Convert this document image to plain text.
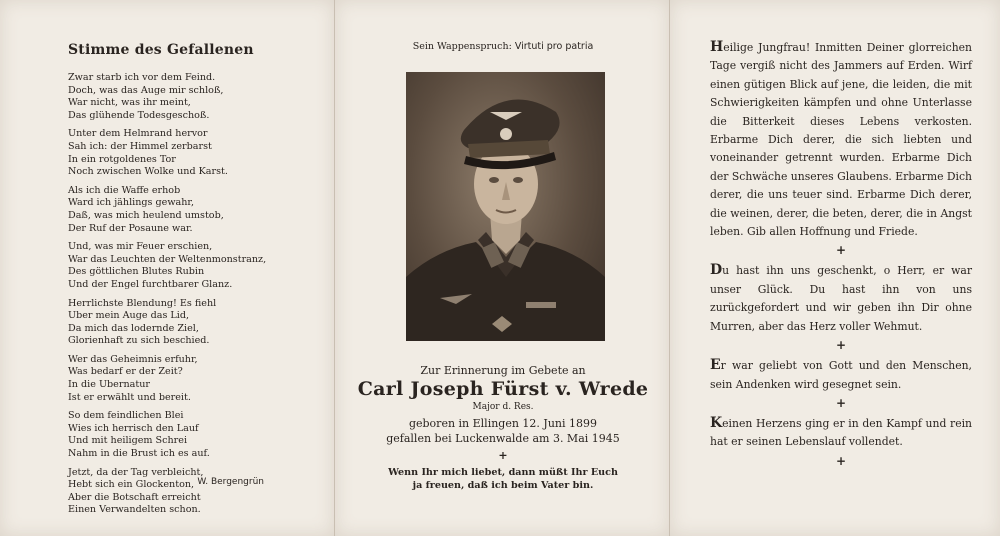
Stimme des Gefallenen
Zwar starb ich vor dem Feind.
Doch, was das Auge mir schloß,
War nicht, was ihr meint,
Das glühende Todesgeschoß.
Unter dem Helmrand hervor
Sah ich: der Himmel zerbarst
In ein rotgoldenes Tor
Noch zwischen Wolke und Karst.
Als ich die Waffe erhob
Ward ich jählings gewahr,
Daß, was mich heulend umstob,
Der Ruf der Posaune war.
Und, was mir Feuer erschien,
War das Leuchten der Weltenmonstranz,
Des göttlichen Blutes Rubin
Und der Engel furchtbarer Glanz.
Herrlichste Blendung! Es fiehl
Uber mein Auge das Lid,
Da mich das lodernde Ziel,
Glorienhaft zu sich beschied.
Wer das Geheimnis erfuhr,
Was bedarf er der Zeit?
In die Ubernatur
Ist er erwählt und bereit.
So dem feindlichen Blei
Wies ich herrisch den Lauf
Und mit heiligem Schrei
Nahm in die Brust ich es auf.
Jetzt, da der Tag verbleicht,
Hebt sich ein Glockenton,
Aber die Botschaft erreicht
Einen Verwandelten schon.
W. Bergengrün
Sein Wappenspruch: Virtuti pro patria
Zur Erinnerung im Gebete an
Carl Joseph Fürst v. Wrede
Major d. Res.
geboren in Ellingen 12. Juni 1899
gefallen bei Luckenwalde am 3. Mai 1945
+
Wenn Ihr mich liebet, dann müßt Ihr Euch
ja freuen, daß ich beim Vater bin.

Heilige Jungfrau! Inmitten Deiner glorreichen Tage vergiß nicht des Jammers auf Erden. Wirf einen gütigen Blick auf jene, die leiden, die mit Schwierigkeiten kämpfen und ohne Unterlasse die Bitterkeit dieses Lebens verkosten. Erbarme Dich derer, die sich liebten und voneinander getrennt wurden. Erbarme Dich der Schwäche unseres Glaubens. Erbarme Dich derer, die uns teuer sind. Erbarme Dich derer, die weinen, derer, die beten, derer, die in Angst leben. Gib allen Hoffnung und Friede.

+

Du hast ihn uns geschenkt, o Herr, er war unser Glück. Du hast ihn von uns zurückgefordert und wir geben ihn Dir ohne Murren, aber das Herz voller Wehmut.

+

Er war geliebt von Gott und den Menschen, sein Andenken wird gesegnet sein.

+

Keinen Herzens ging er in den Kampf und rein hat er seinen Lebenslauf vollendet.

+
